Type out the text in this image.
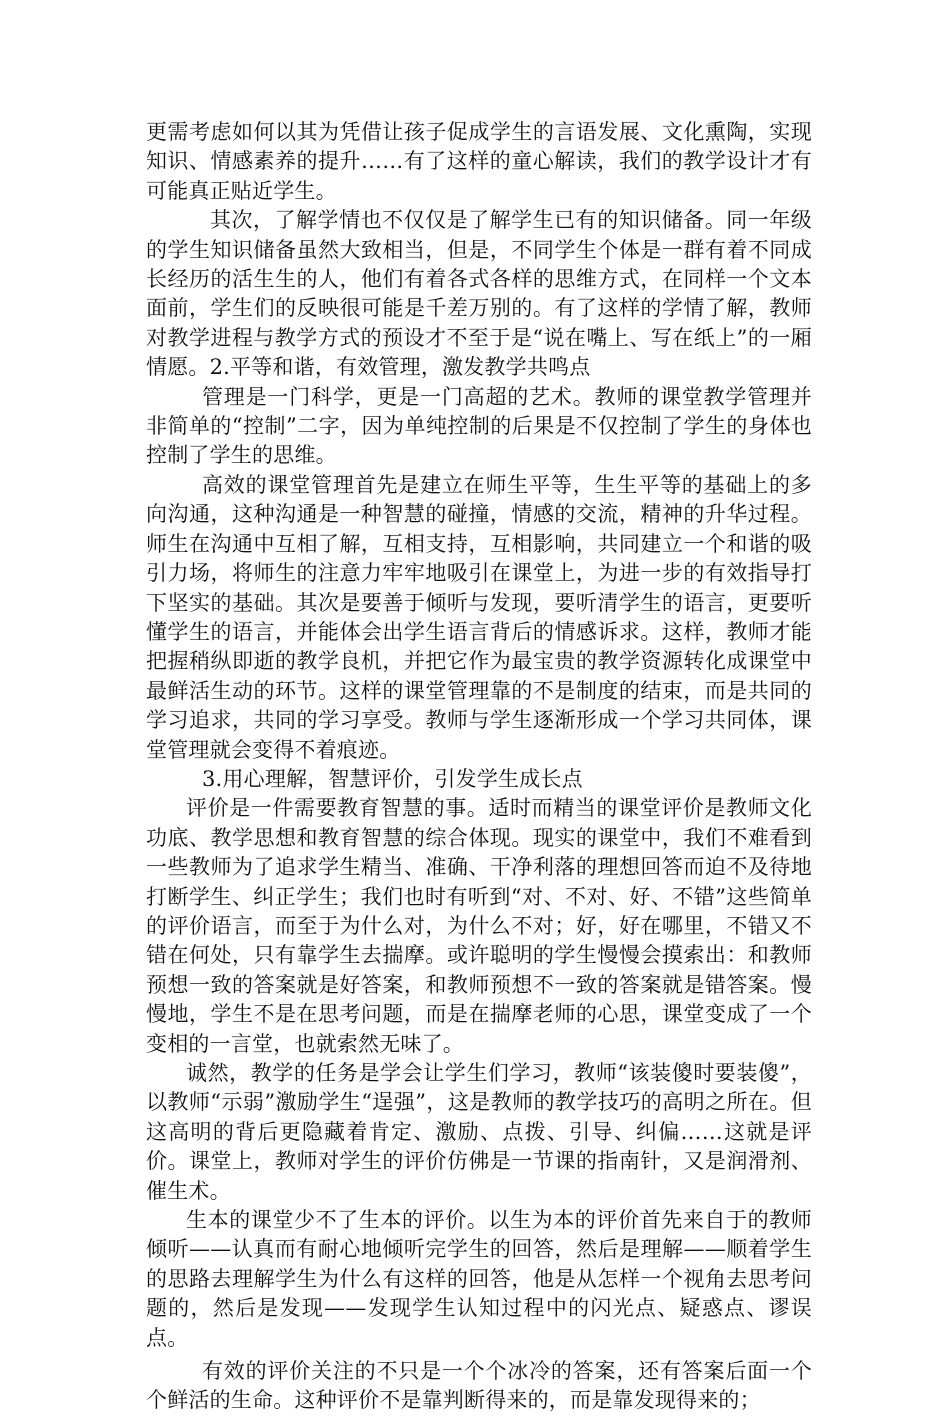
更需考虑如何以其为凭借让孩子促成学生的言语发展、文化熏陶，实现知识、情感素养的提升……有了这样的童心解读，我们的教学设计才有可能真正贴近学生。

其次，了解学情也不仅仅是了解学生已有的知识储备。同一年级的学生知识储备虽然大致相当，但是，不同学生个体是一群有着不同成长经历的活生生的人，他们有着各式各样的思维方式，在同样一个文本面前，学生们的反映很可能是千差万别的。有了这样的学情了解，教师对教学进程与教学方式的预设才不至于是“说在嘴上、写在纸上”的一厢情愿。2.平等和谐，有效管理，激发教学共鸣点

管理是一门科学，更是一门高超的艺术。教师的课堂教学管理并非简单的“控制”二字，因为单纯控制的后果是不仅控制了学生的身体也控制了学生的思维。

高效的课堂管理首先是建立在师生平等，生生平等的基础上的多向沟通，这种沟通是一种智慧的碰撞，情感的交流，精神的升华过程。师生在沟通中互相了解，互相支持，互相影响，共同建立一个和谐的吸引力场，将师生的注意力牢牢地吸引在课堂上，为进一步的有效指导打下坚实的基础。其次是要善于倾听与发现，要听清学生的语言，更要听懂学生的语言，并能体会出学生语言背后的情感诉求。这样，教师才能把握稍纵即逝的教学良机，并把它作为最宝贵的教学资源转化成课堂中最鲜活生动的环节。这样的课堂管理靠的不是制度的结束，而是共同的学习追求，共同的学习享受。教师与学生逐渐形成一个学习共同体，课堂管理就会变得不着痕迹。

3.用心理解，智慧评价，引发学生成长点

评价是一件需要教育智慧的事。适时而精当的课堂评价是教师文化功底、教学思想和教育智慧的综合体现。现实的课堂中，我们不难看到一些教师为了追求学生精当、准确、干净利落的理想回答而迫不及待地打断学生、纠正学生；我们也时有听到“对、不对、好、不错”这些简单的评价语言，而至于为什么对，为什么不对；好，好在哪里，不错又不错在何处，只有靠学生去揣摩。或许聪明的学生慢慢会摸索出：和教师预想一致的答案就是好答案，和教师预想不一致的答案就是错答案。慢慢地，学生不是在思考问题，而是在揣摩老师的心思，课堂变成了一个变相的一言堂，也就索然无味了。

诚然，教学的任务是学会让学生们学习，教师“该装傻时要装傻”，以教师“示弱”激励学生“逞强”，这是教师的教学技巧的高明之所在。但这高明的背后更隐藏着肯定、激励、点拨、引导、纠偏……这就是评价。课堂上，教师对学生的评价仿佛是一节课的指南针，又是润滑剂、催生术。

生本的课堂少不了生本的评价。以生为本的评价首先来自于的教师倾听——认真而有耐心地倾听完学生的回答，然后是理解——顺着学生的思路去理解学生为什么有这样的回答，他是从怎样一个视角去思考问题的，然后是发现——发现学生认知过程中的闪光点、疑惑点、谬误点。

有效的评价关注的不只是一个个冰冷的答案，还有答案后面一个个鲜活的生命。这种评价不是靠判断得来的，而是靠发现得来的；
